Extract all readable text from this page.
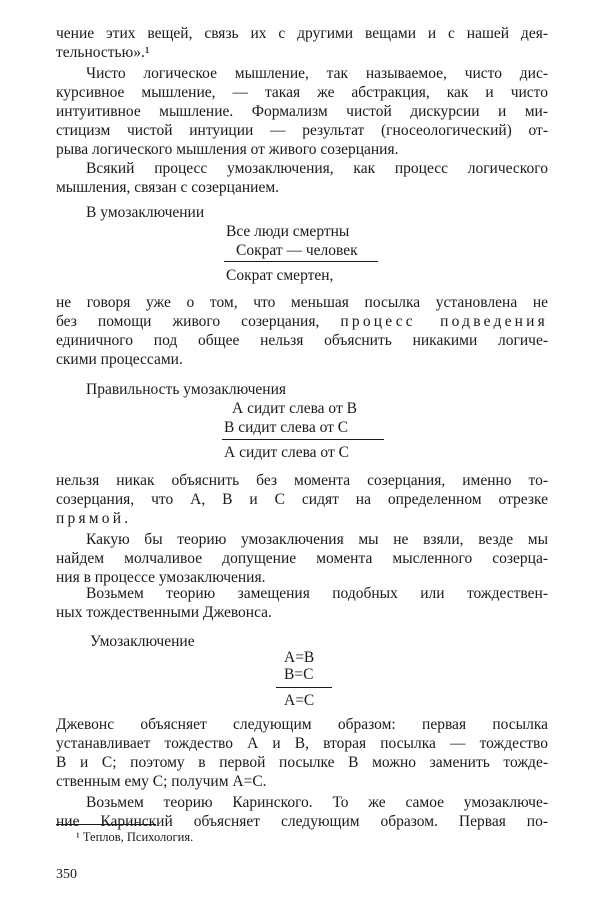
чение этих вещей, связь их с другими вещами и с нашей дея-
тельностью».¹
Чисто логическое мышление, так называемое, чисто дис-
курсивное мышление, — такая же абстракция, как и чисто
интуитивное мышление. Формализм чистой дискурсии и ми-
стицизм чистой интуиции — результат (гносеологический) от-
рыва логического мышления от живого созерцания.
Всякий процесс умозаключения, как процесс логического
мышления, связан с созерцанием.
В умозаключении
Все люди смертны
Сократ — человек
Сократ смертен,
не говоря уже о том, что меньшая посылка установлена не
без помощи живого созерцания, процесс подведения
единичного под общее нельзя объяснить никакими логиче-
скими процессами.
Правильность умозаключения
А сидит слева от В
В сидит слева от С
А сидит слева от С
нельзя никак объяснить без момента созерцания, именно то-
созерцания, что А, В и С сидят на определенном отрезке
прямой.
Какую бы теорию умозаключения мы не взяли, везде мы
найдем молчаливое допущение момента мысленного созерца-
ния в процессе умозаключения.
Возьмем теорию замещения подобных или тождествен-
ных тождественными Джевонса.
Умозаключение
А=В
В=С
А=С
Джевонс объясняет следующим образом: первая посылка
устанавливает тождество А и В, вторая посылка — тождество
В и С; поэтому в первой посылке В можно заменить тожде-
ственным ему С; получим А=С.
Возьмем теорию Каринского. То же самое умозаключе-
ние Каринский объясняет следующим образом. Первая по-
¹ Теплов, Психология.
350
